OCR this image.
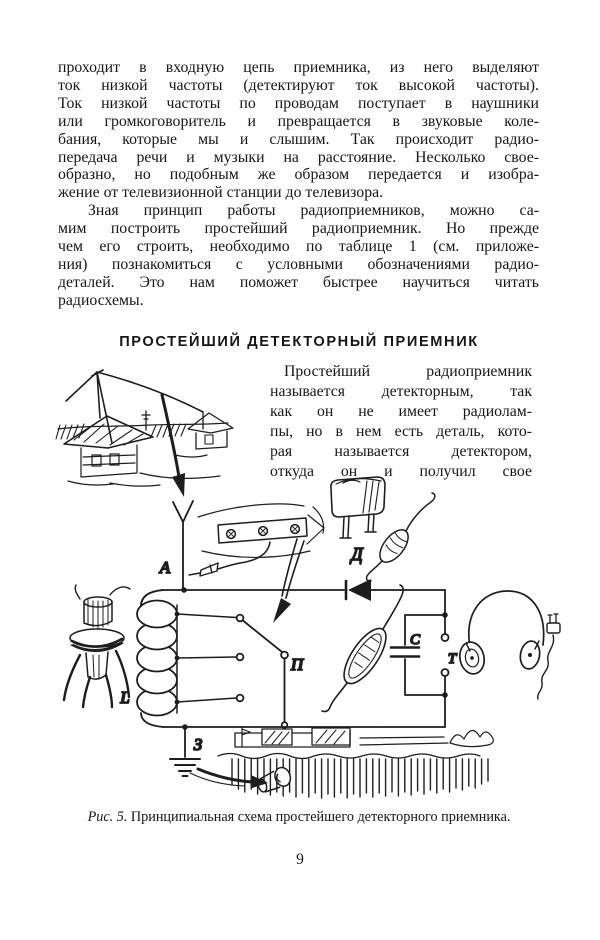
проходит в входную цепь приемника, из него выделяют
ток низкой частоты (детектируют ток высокой частоты).
Ток низкой частоты по проводам поступает в наушники
или громкоговоритель и превращается в звуковые коле-
бания, которые мы и слышим. Так происходит радио-
передача речи и музыки на расстояние. Несколько свое-
образно, но подобным же образом передается и изобра-
жение от телевизионной станции до телевизора.
Зная принцип работы радиоприемников, можно са-
мим построить простейший радиоприемник. Но прежде
чем его строить, необходимо по таблице 1 (см. приложе-
ния) познакомиться с условными обозначениями радио-
деталей. Это нам поможет быстрее научиться читать
радиосхемы.
ПРОСТЕЙШИЙ ДЕТЕКТОРНЫЙ ПРИЕМНИК
Простейший радиоприемник
называется детекторным, так
как он не имеет радиолам-
пы, но в нем есть деталь, кото-
рая называется детектором,
откуда он и получил свое
А
Д
П
L
З
С
Т
Рис. 5. Принципиальная схема простейшего детекторного приемника.
9
